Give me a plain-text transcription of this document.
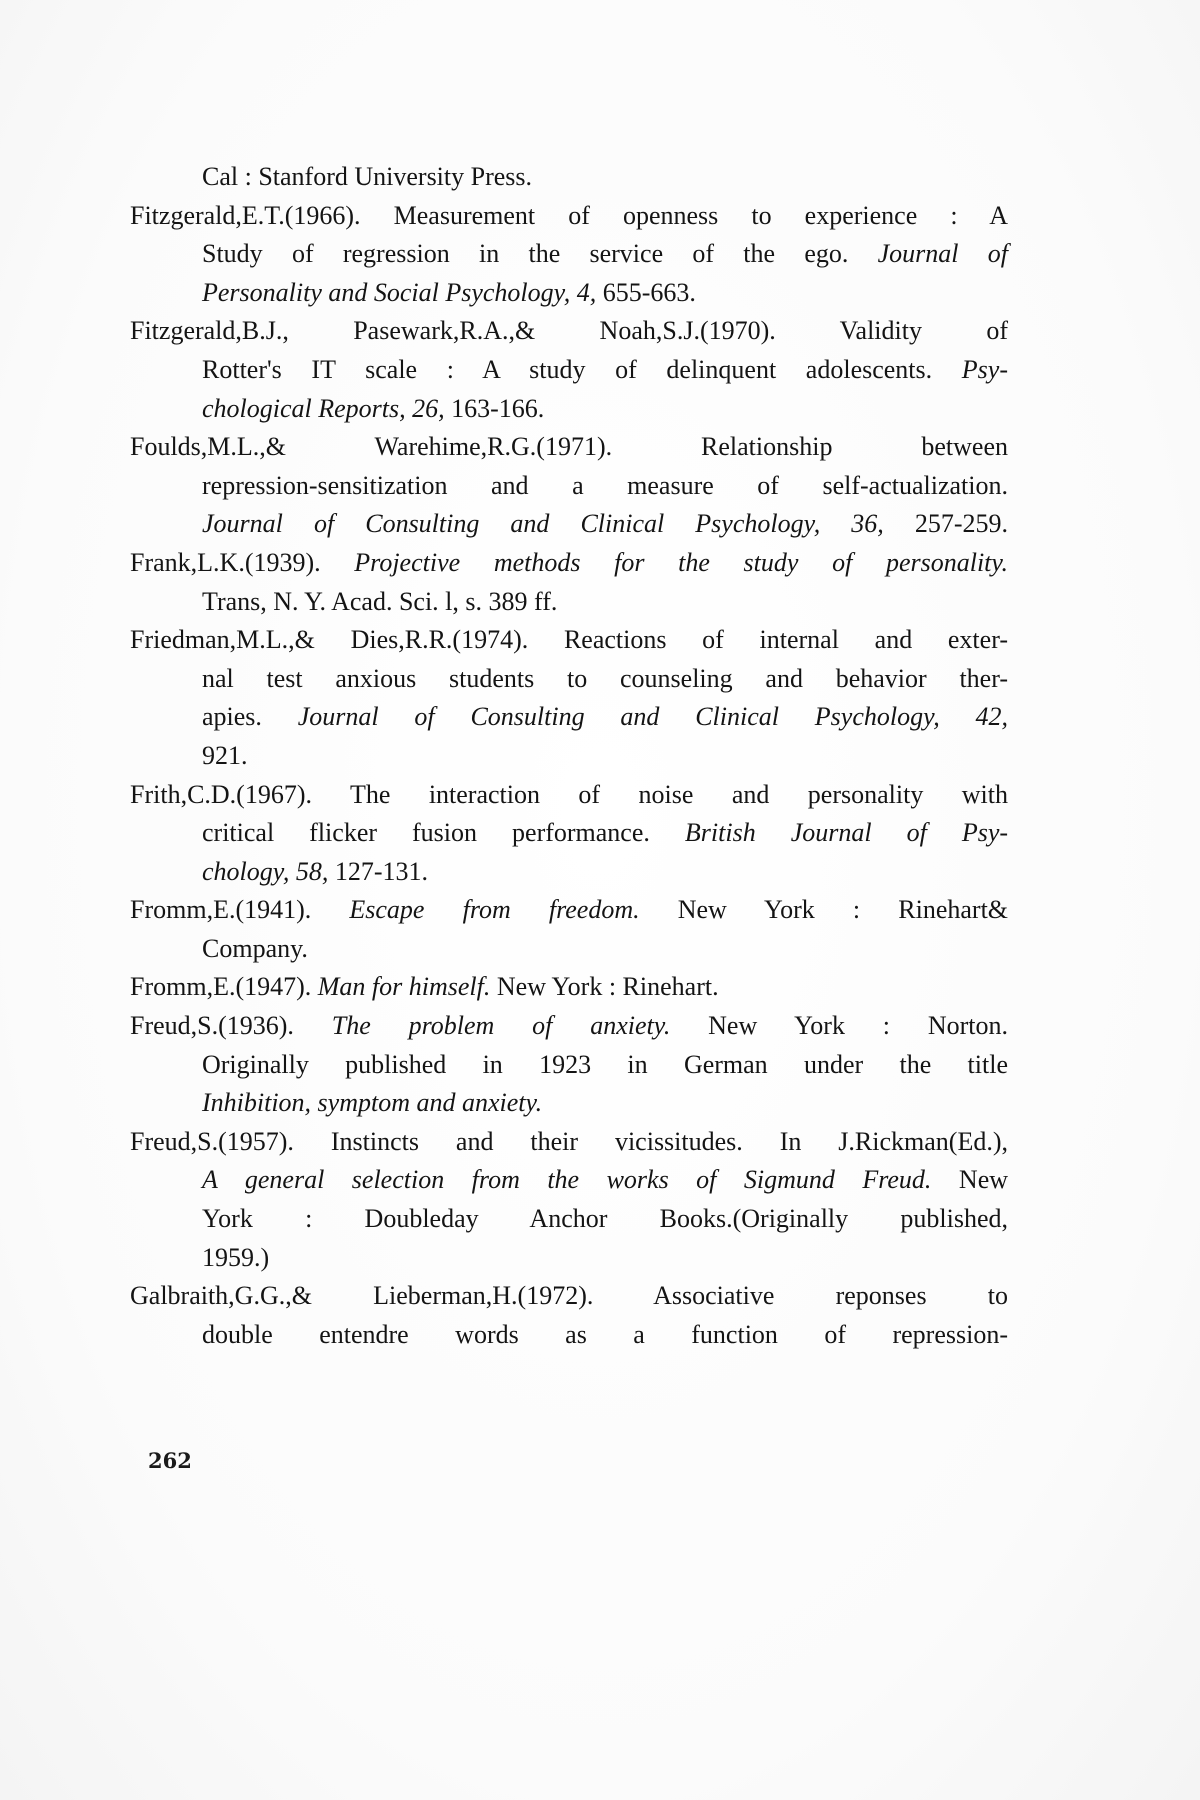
Cal : Stanford University Press.
Fitzgerald,E.T.(1966). Measurement of openness to experience : A
Study of regression in the service of the ego. Journal of
Personality and Social Psychology, 4, 655-663.
Fitzgerald,B.J., Pasewark,R.A.,& Noah,S.J.(1970). Validity of
Rotter's IT scale : A study of delinquent adolescents. Psy-
chological Reports, 26, 163-166.
Foulds,M.L.,& Warehime,R.G.(1971). Relationship between
repression-sensitization and a measure of self-actualization.
Journal of Consulting and Clinical Psychology, 36, 257-259.
Frank,L.K.(1939). Projective methods for the study of personality.
Trans, N. Y. Acad. Sci. l, s. 389 ff.
Friedman,M.L.,& Dies,R.R.(1974). Reactions of internal and exter-
nal test anxious students to counseling and behavior ther-
apies. Journal of Consulting and Clinical Psychology, 42,
921.
Frith,C.D.(1967). The interaction of noise and personality with
critical flicker fusion performance. British Journal of Psy-
chology, 58, 127-131.
Fromm,E.(1941). Escape from freedom. New York : Rinehart&
Company.
Fromm,E.(1947). Man for himself. New York : Rinehart.
Freud,S.(1936). The problem of anxiety. New York : Norton.
Originally published in 1923 in German under the title
Inhibition, symptom and anxiety.
Freud,S.(1957). Instincts and their vicissitudes. In J.Rickman(Ed.),
A general selection from the works of Sigmund Freud. New
York : Doubleday Anchor Books.(Originally published,
1959.)
Galbraith,G.G.,& Lieberman,H.(1972). Associative reponses to
double entendre words as a function of repression-
262
